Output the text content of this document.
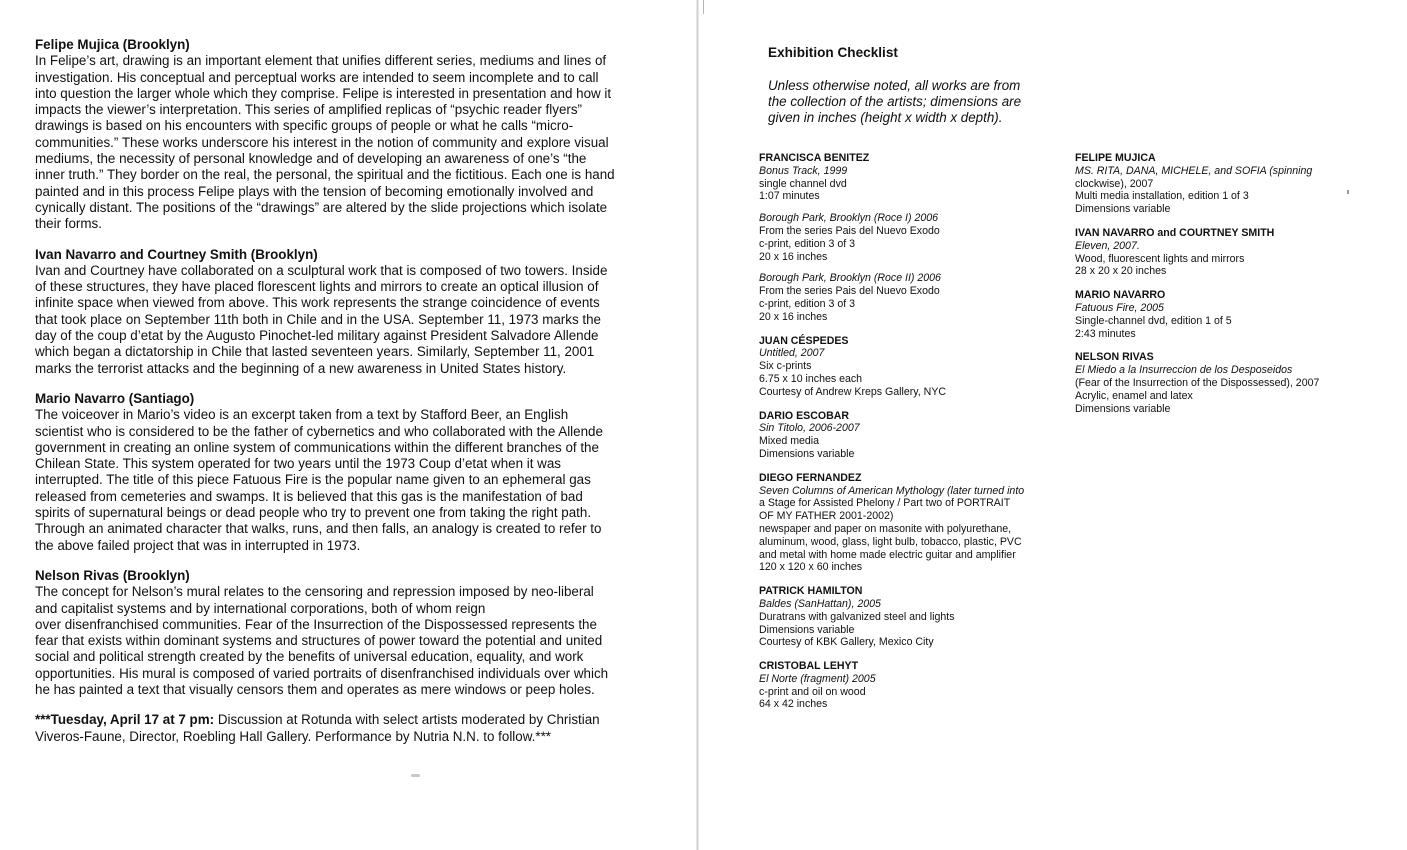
Felipe Mujica (Brooklyn)

In Felipe’s art, drawing is an important element that unifies different series, mediums and lines of
investigation. His conceptual and perceptual works are intended to seem incomplete and to call
into question the larger whole which they comprise. Felipe is interested in presentation and how it
impacts the viewer’s interpretation. This series of amplified replicas of “psychic reader flyers”
drawings is based on his encounters with specific groups of people or what he calls “micro-
communities.” These works underscore his interest in the notion of community and explore visual
mediums, the necessity of personal knowledge and of developing an awareness of one’s “the
inner truth.” They border on the real, the personal, the spiritual and the fictitious. Each one is hand
painted and in this process Felipe plays with the tension of becoming emotionally involved and
cynically distant. The positions of the “drawings” are altered by the slide projections which isolate
their forms.

Ivan Navarro and Courtney Smith (Brooklyn)

Ivan and Courtney have collaborated on a sculptural work that is composed of two towers. Inside
of these structures, they have placed florescent lights and mirrors to create an optical illusion of
infinite space when viewed from above. This work represents the strange coincidence of events
that took place on September 11th both in Chile and in the USA. September 11, 1973 marks the
day of the coup d’etat by the Augusto Pinochet-led military against President Salvadore Allende
which began a dictatorship in Chile that lasted seventeen years. Similarly, September 11, 2001
marks the terrorist attacks and the beginning of a new awareness in United States history.

Mario Navarro (Santiago)

The voiceover in Mario’s video is an excerpt taken from a text by Stafford Beer, an English
scientist who is considered to be the father of cybernetics and who collaborated with the Allende
government in creating an online system of communications within the different branches of the
Chilean State. This system operated for two years until the 1973 Coup d’etat when it was
interrupted. The title of this piece Fatuous Fire is the popular name given to an ephemeral gas
released from cemeteries and swamps. It is believed that this gas is the manifestation of bad
spirits of supernatural beings or dead people who try to prevent one from taking the right path.
Through an animated character that walks, runs, and then falls, an analogy is created to refer to
the above failed project that was in interrupted in 1973.

Nelson Rivas (Brooklyn)

The concept for Nelson’s mural relates to the censoring and repression imposed by neo-liberal
and capitalist systems and by international corporations, both of whom reign
over disenfranchised communities. Fear of the Insurrection of the Dispossessed represents the
fear that exists within dominant systems and structures of power toward the potential and united
social and political strength created by the benefits of universal education, equality, and work
opportunities. His mural is composed of varied portraits of disenfranchised individuals over which
he has painted a text that visually censors them and operates as mere windows or peep holes.

***Tuesday, April 17 at 7 pm: Discussion at Rotunda with select artists moderated by Christian
Viveros-Faune, Director, Roebling Hall Gallery. Performance by Nutria N.N. to follow.***

Exhibition Checklist

Unless otherwise noted, all works are from
the collection of the artists; dimensions are
given in inches (height x width x depth).

FRANCISCA BENITEZ
Bonus Track, 1999
single channel dvd
1:07 minutes
Borough Park, Brooklyn (Roce I) 2006
From the series Pais del Nuevo Exodo
c-print, edition 3 of 3
20 x 16 inches
Borough Park, Brooklyn (Roce II) 2006
From the series Pais del Nuevo Exodo
c-print, edition 3 of 3
20 x 16 inches
JUAN CÉSPEDES
Untitled, 2007
Six c-prints
6.75 x 10 inches each
Courtesy of Andrew Kreps Gallery, NYC
DARIO ESCOBAR
Sin Titolo, 2006-2007
Mixed media
Dimensions variable
DIEGO FERNANDEZ
Seven Columns of American Mythology (later turned into
a Stage for Assisted Phelony / Part two of PORTRAIT
OF MY FATHER 2001-2002)
newspaper and paper on masonite with polyurethane,
aluminum, wood, glass, light bulb, tobacco, plastic, PVC
and metal with home made electric guitar and amplifier
120 x 120 x 60 inches
PATRICK HAMILTON
Baldes (SanHattan), 2005
Duratrans with galvanized steel and lights
Dimensions variable
Courtesy of KBK Gallery, Mexico City
CRISTOBAL LEHYT
El Norte (fragment) 2005
c-print and oil on wood
64 x 42 inches
FELIPE MUJICA
MS. RITA, DANA, MICHELE, and SOFIA (spinning
clockwise), 2007
Multi media installation, edition 1 of 3
Dimensions variable
IVAN NAVARRO and COURTNEY SMITH
Eleven, 2007.
Wood, fluorescent lights and mirrors
28 x 20 x 20 inches
MARIO NAVARRO
Fatuous Fire, 2005
Single-channel dvd, edition 1 of 5
2:43 minutes
NELSON RIVAS
El Miedo a la Insurreccion de los Desposeidos
(Fear of the Insurrection of the Dispossessed), 2007
Acrylic, enamel and latex
Dimensions variable
